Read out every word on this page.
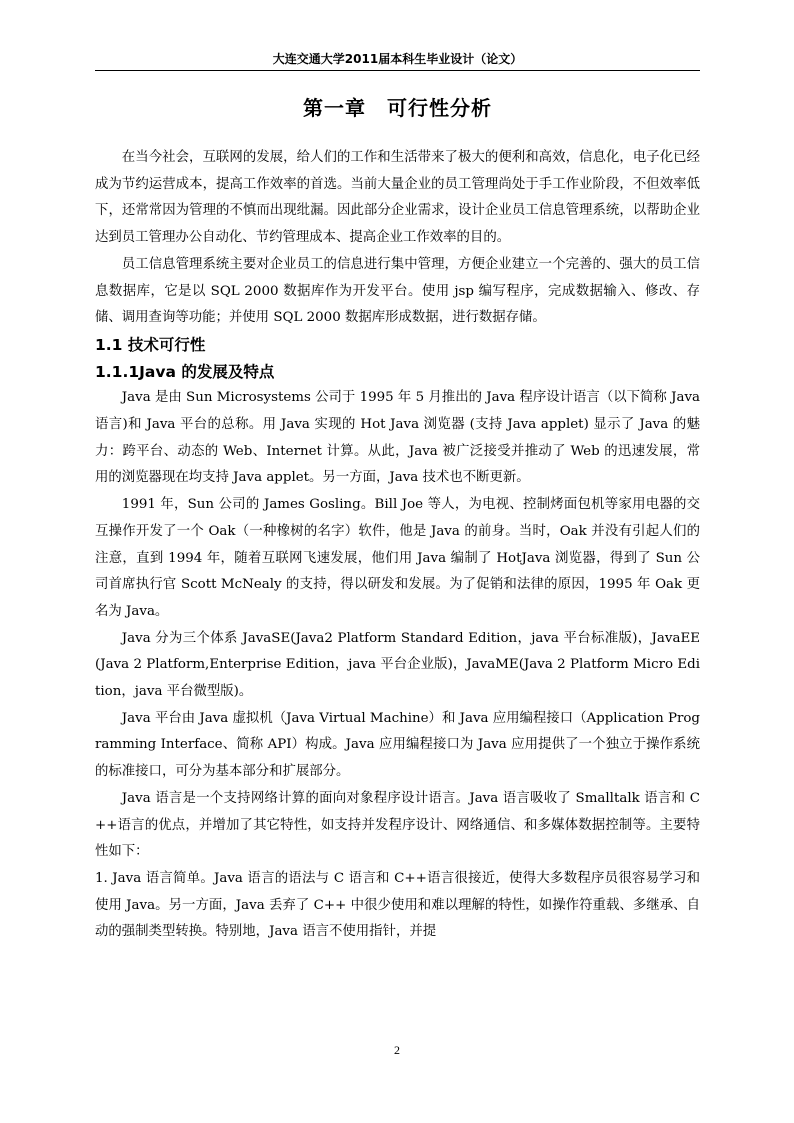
大连交通大学2011届本科生毕业设计（论文）
第一章　可行性分析

在当今社会，互联网的发展，给人们的工作和生活带来了极大的便利和高效，信息化，电子化已经成为节约运营成本，提高工作效率的首选。当前大量企业的员工管理尚处于手工作业阶段，不但效率低下，还常常因为管理的不慎而出现纰漏。因此部分企业需求，设计企业员工信息管理系统，以帮助企业达到员工管理办公自动化、节约管理成本、提高企业工作效率的目的。

员工信息管理系统主要对企业员工的信息进行集中管理，方便企业建立一个完善的、强大的员工信息数据库，它是以 SQL 2000 数据库作为开发平台。使用 jsp 编写程序，完成数据输入、修改、存储、调用查询等功能；并使用 SQL 2000 数据库形成数据，进行数据存储。

1.1 技术可行性
1.1.1Java 的发展及特点

Java 是由 Sun Microsystems 公司于 1995 年 5 月推出的 Java 程序设计语言（以下简称 Java 语言)和 Java 平台的总称。用 Java 实现的 Hot Java 浏览器 (支持 Java applet) 显示了 Java 的魅力：跨平台、动态的 Web、Internet 计算。从此，Java 被广泛接受并推动了 Web 的迅速发展，常用的浏览器现在均支持 Java applet。另一方面，Java 技术也不断更新。

1991 年，Sun 公司的 James Gosling。Bill Joe 等人，为电视、控制烤面包机等家用电器的交互操作开发了一个 Oak（一种橡树的名字）软件，他是 Java 的前身。当时，Oak 并没有引起人们的注意，直到 1994 年，随着互联网飞速发展，他们用 Java 编制了 HotJava 浏览器，得到了 Sun 公司首席执行官 Scott McNealy 的支持，得以研发和发展。为了促销和法律的原因，1995 年 Oak 更名为 Java。

Java 分为三个体系 JavaSE(Java2 Platform Standard Edition，java 平台标准版)，JavaEE(Java 2 Platform,Enterprise Edition，java 平台企业版)，JavaME(Java 2 Platform Micro Edition，java 平台微型版)。

Java 平台由 Java 虚拟机（Java Virtual Machine）和 Java 应用编程接口（Application Programming Interface、简称 API）构成。Java 应用编程接口为 Java 应用提供了一个独立于操作系统的标准接口，可分为基本部分和扩展部分。

Java 语言是一个支持网络计算的面向对象程序设计语言。Java 语言吸收了 Smalltalk 语言和 C++语言的优点，并增加了其它特性，如支持并发程序设计、网络通信、和多媒体数据控制等。主要特性如下：

1. Java 语言简单。Java 语言的语法与 C 语言和 C++语言很接近，使得大多数程序员很容易学习和使用 Java。另一方面，Java 丢弃了 C++ 中很少使用和难以理解的特性，如操作符重载、多继承、自动的强制类型转换。特别地，Java 语言不使用指针，并提

2
